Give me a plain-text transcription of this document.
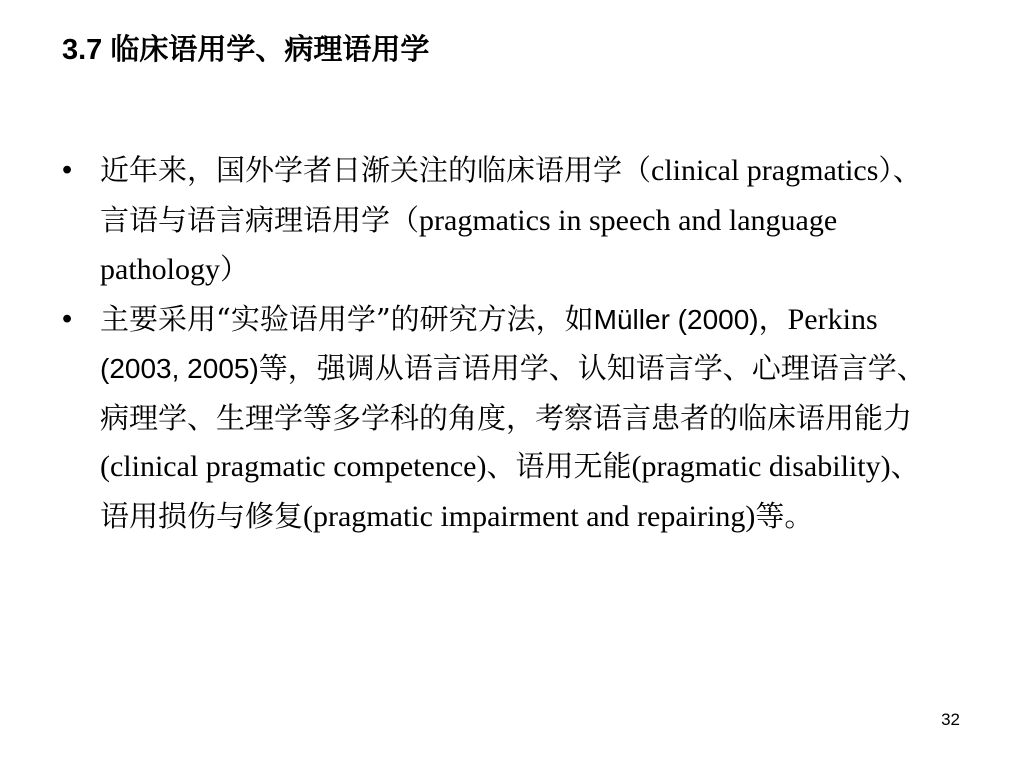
3.7 临床语用学、病理语用学
• 近年来，国外学者日渐关注的临床语用学（clinical pragmatics）、言语与语言病理语用学（pragmatics in speech and language pathology）
• 主要采用“实验语用学”的研究方法，如Müller (2000)，Perkins (2003, 2005)等，强调从语言语用学、认知语言学、心理语言学、病理学、生理学等多学科的角度，考察语言患者的临床语用能力(clinical pragmatic competence)、语用无能(pragmatic disability)、语用损伤与修复(pragmatic impairment and repairing)等。
32
